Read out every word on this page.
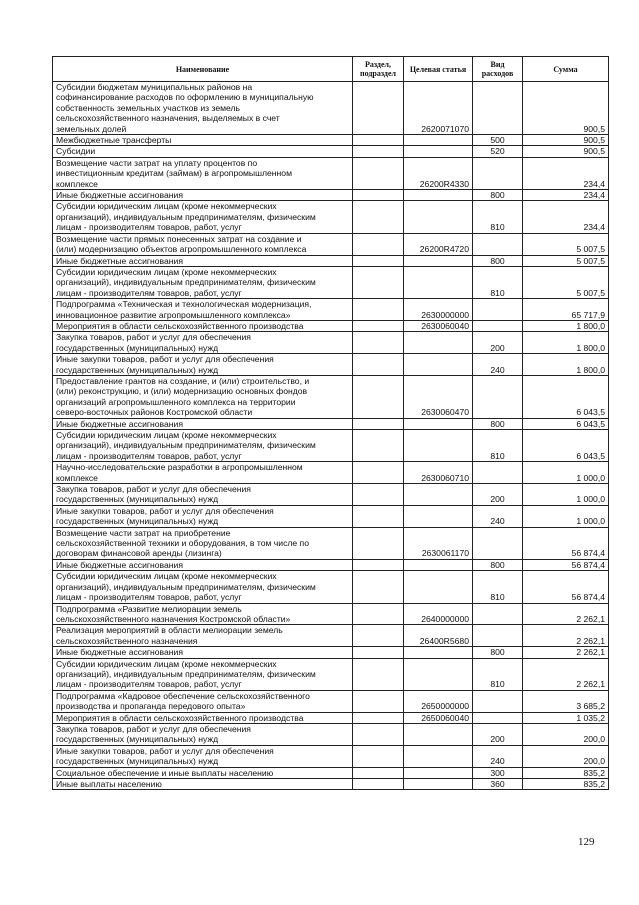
Наименование	Раздел, подраздел	Целевая статья	Вид расходов	Сумма
Субсидии бюджетам муниципальных районов на
софинансирование расходов по оформлению в муниципальную
собственность земельных участков из земель
сельскохозяйственного назначения, выделяемых в счет
земельных долей		2620071070		900,5
Межбюджетные трансферты			500	900,5
Субсидии			520	900,5
Возмещение части затрат на уплату процентов по
инвестиционным кредитам (займам) в агропромышленном
комплексе		26200R4330		234,4
Иные бюджетные ассигнования			800	234,4
Субсидии юридическим лицам (кроме некоммерческих
организаций), индивидуальным предпринимателям, физическим
лицам - производителям товаров, работ, услуг			810	234,4
Возмещение части прямых понесенных затрат на создание и
(или) модернизацию объектов агропромышленного комплекса		26200R4720		5 007,5
Иные бюджетные ассигнования			800	5 007,5
Субсидии юридическим лицам (кроме некоммерческих
организаций), индивидуальным предпринимателям, физическим
лицам - производителям товаров, работ, услуг			810	5 007,5
Подпрограмма «Техническая и технологическая модернизация,
инновационное развитие агропромышленного комплекса»		2630000000		65 717,9
Мероприятия в области сельскохозяйственного производства		2630060040		1 800,0
Закупка товаров, работ и услуг для обеспечения
государственных (муниципальных) нужд			200	1 800,0
Иные закупки товаров, работ и услуг для обеспечения
государственных (муниципальных) нужд			240	1 800,0
Предоставление грантов на создание, и (или) строительство, и
(или) реконструкцию, и (или) модернизацию основных фондов
организаций агропромышленного комплекса на территории
северо-восточных районов Костромской области		2630060470		6 043,5
Иные бюджетные ассигнования			800	6 043,5
Субсидии юридическим лицам (кроме некоммерческих
организаций), индивидуальным предпринимателям, физическим
лицам - производителям товаров, работ, услуг			810	6 043,5
Научно-исследовательские разработки в агропромышленном
комплексе		2630060710		1 000,0
Закупка товаров, работ и услуг для обеспечения
государственных (муниципальных) нужд			200	1 000,0
Иные закупки товаров, работ и услуг для обеспечения
государственных (муниципальных) нужд			240	1 000,0
Возмещение части затрат на приобретение
сельскохозяйственной техники и оборудования, в том числе по
договорам финансовой аренды (лизинга)		2630061170		56 874,4
Иные бюджетные ассигнования			800	56 874,4
Субсидии юридическим лицам (кроме некоммерческих
организаций), индивидуальным предпринимателям, физическим
лицам - производителям товаров, работ, услуг			810	56 874,4
Подпрограмма «Развитие мелиорации земель
сельскохозяйственного назначения Костромской области»		2640000000		2 262,1
Реализация мероприятий в области мелиорации земель
сельскохозяйственного назначения		26400R5680		2 262,1
Иные бюджетные ассигнования			800	2 262,1
Субсидии юридическим лицам (кроме некоммерческих
организаций), индивидуальным предпринимателям, физическим
лицам - производителям товаров, работ, услуг			810	2 262,1
Подпрограмма «Кадровое обеспечение сельскохозяйственного
производства и пропаганда передового опыта»		2650000000		3 685,2
Мероприятия в области сельскохозяйственного производства		2650060040		1 035,2
Закупка товаров, работ и услуг для обеспечения
государственных (муниципальных) нужд			200	200,0
Иные закупки товаров, работ и услуг для обеспечения
государственных (муниципальных) нужд			240	200,0
Социальное обеспечение и иные выплаты населению			300	835,2
Иные выплаты населению			360	835,2
129
